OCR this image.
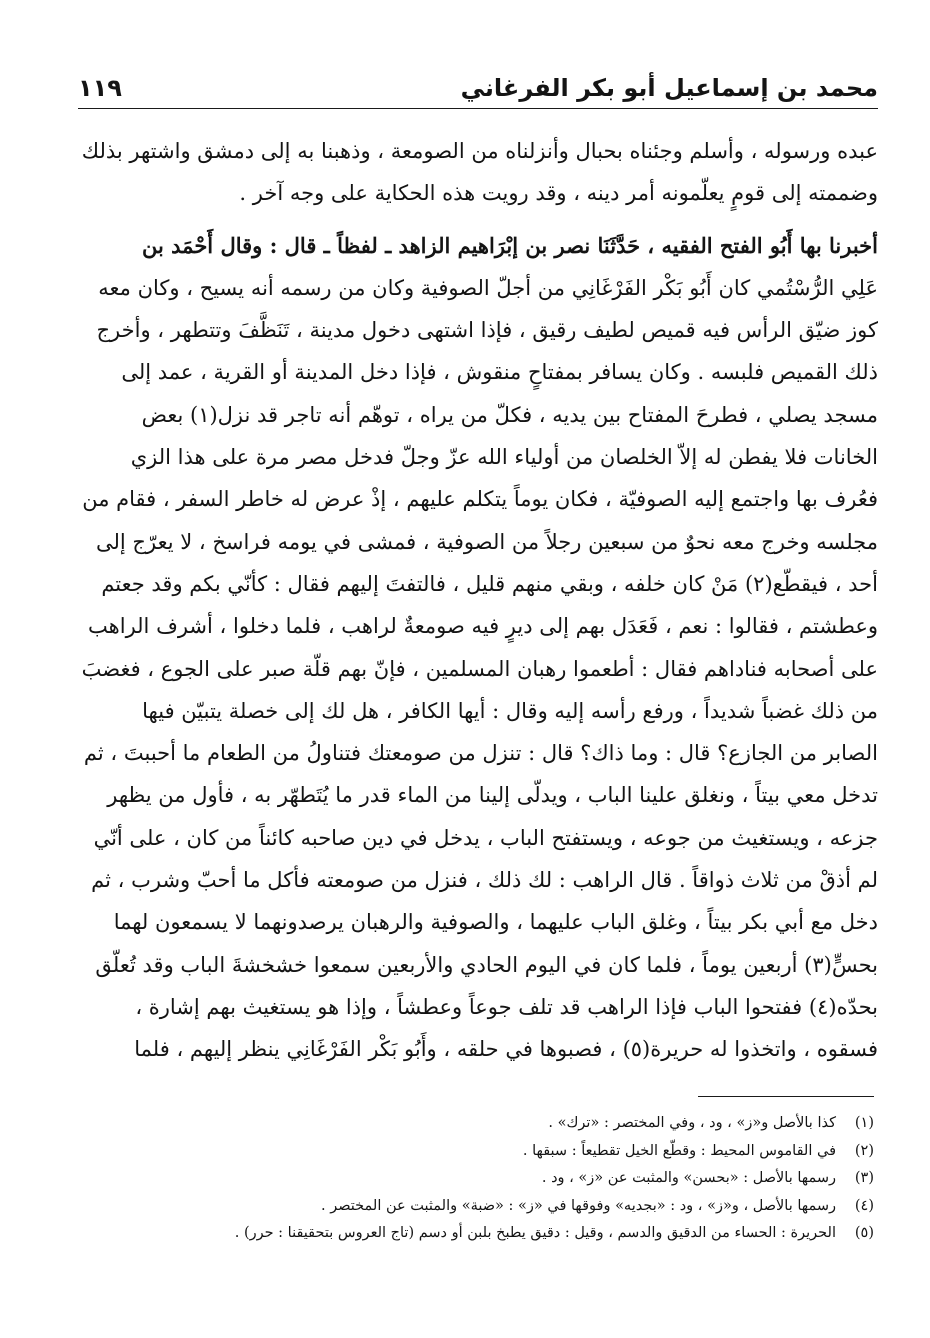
١١٩	محمد بن إسماعيل أبو بكر الفرغاني
عبده ورسوله ، وأسلم وجئناه بحبال وأنزلناه من الصومعة ، وذهبنا به إلى دمشق واشتهر بذلك
وضممته إلى قومٍ يعلّمونه أمر دينه ، وقد رويت هذه الحكاية على وجه آخر .
أخبرنا بها أَبُو الفتح الفقيه ، حَدَّثَنَا نصر بن إبْرَاهيم الزاهد ـ لفظاً ـ قال : وقال أَحْمَد بن
عَلِي الرُّسْتُمي كان أَبُو بَكْر الفَرْغَانِي من أجلّ الصوفية وكان من رسمه أنه يسيح ، وكان معه
كوز ضيّق الرأس فيه قميص لطيف رقيق ، فإذا اشتهى دخول مدينة ، تَنَظَّفَ وتتطهر ، وأخرج
ذلك القميص فلبسه . وكان يسافر بمفتاحٍ منقوش ، فإذا دخل المدينة أو القرية ، عمد إلى
مسجد يصلي ، فطرحَ المفتاح بين يديه ، فكلّ من يراه ، توهّم أنه تاجر قد نزل(١) بعض
الخانات فلا يفطن له إلاّ الخلصان من أولياء الله عزّ وجلّ فدخل مصر مرة على هذا الزي
فعُرف بها واجتمع إليه الصوفيّة ، فكان يوماً يتكلم عليهم ، إذْ عرض له خاطر السفر ، فقام من
مجلسه وخرج معه نحوٌ من سبعين رجلاً من الصوفية ، فمشى في يومه فراسخ ، لا يعرّج إلى
أحد ، فيقطّع(٢) مَنْ كان خلفه ، وبقي منهم قليل ، فالتفتَ إليهم فقال : كأنّي بكم وقد جعتم
وعطشتم ، فقالوا : نعم ، فَعَدَل بهم إلى ديرٍ فيه صومعةٌ لراهب ، فلما دخلوا ، أشرف الراهب
على أصحابه فناداهم فقال : أطعموا رهبان المسلمين ، فإنّ بهم قلّة صبر على الجوع ، فغضبَ
من ذلك غضباً شديداً ، ورفع رأسه إليه وقال : أيها الكافر ، هل لك إلى خصلة يتبيّن فيها
الصابر من الجازع؟ قال : وما ذاك؟ قال : تنزل من صومعتك فتناولُ من الطعام ما أحببتَ ، ثم
تدخل معي بيتاً ، ونغلق علينا الباب ، ويدلّى إلينا من الماء قدر ما يُتَطهّر به ، فأول من يظهر
جزعه ، ويستغيث من جوعه ، ويستفتح الباب ، يدخل في دين صاحبه كائناً من كان ، على أنّي
لم أذقْ من ثلاث ذواقاً . قال الراهب : لك ذلك ، فنزل من صومعته فأكل ما أحبّ وشرب ، ثم
دخل مع أبي بكر بيتاً ، وغلق الباب عليهما ، والصوفية والرهبان يرصدونهما لا يسمعون لهما
بحسٍّ(٣) أربعين يوماً ، فلما كان في اليوم الحادي والأربعين سمعوا خشخشةَ الباب وقد تُعلّق
بحدّه(٤) ففتحوا الباب فإذا الراهب قد تلف جوعاً وعطشاً ، وإذا هو يستغيث بهم إشارة ،
فسقوه ، واتخذوا له حريرة(٥) ، فصبوها في حلقه ، وأَبُو بَكْر الفَرْغَانِي ينظر إليهم ، فلما
(١)
كذا بالأصل و«ز» ، ود ، وفي المختصر : «ترك» .
(٢)
في القاموس المحيط : وقطّع الخيل تقطيعاً : سبقها .
(٣)
رسمها بالأصل : «بحسن» والمثبت عن «ز» ، ود .
(٤)
رسمها بالأصل ، و«ز» ، ود : «بجديه» وفوقها في «ز» : «ضبة» والمثبت عن المختصر .
(٥)
الحريرة : الحساء من الدقيق والدسم ، وقيل : دقيق يطبخ بلبن أو دسم (تاج العروس بتحقيقنا : حرر) .
